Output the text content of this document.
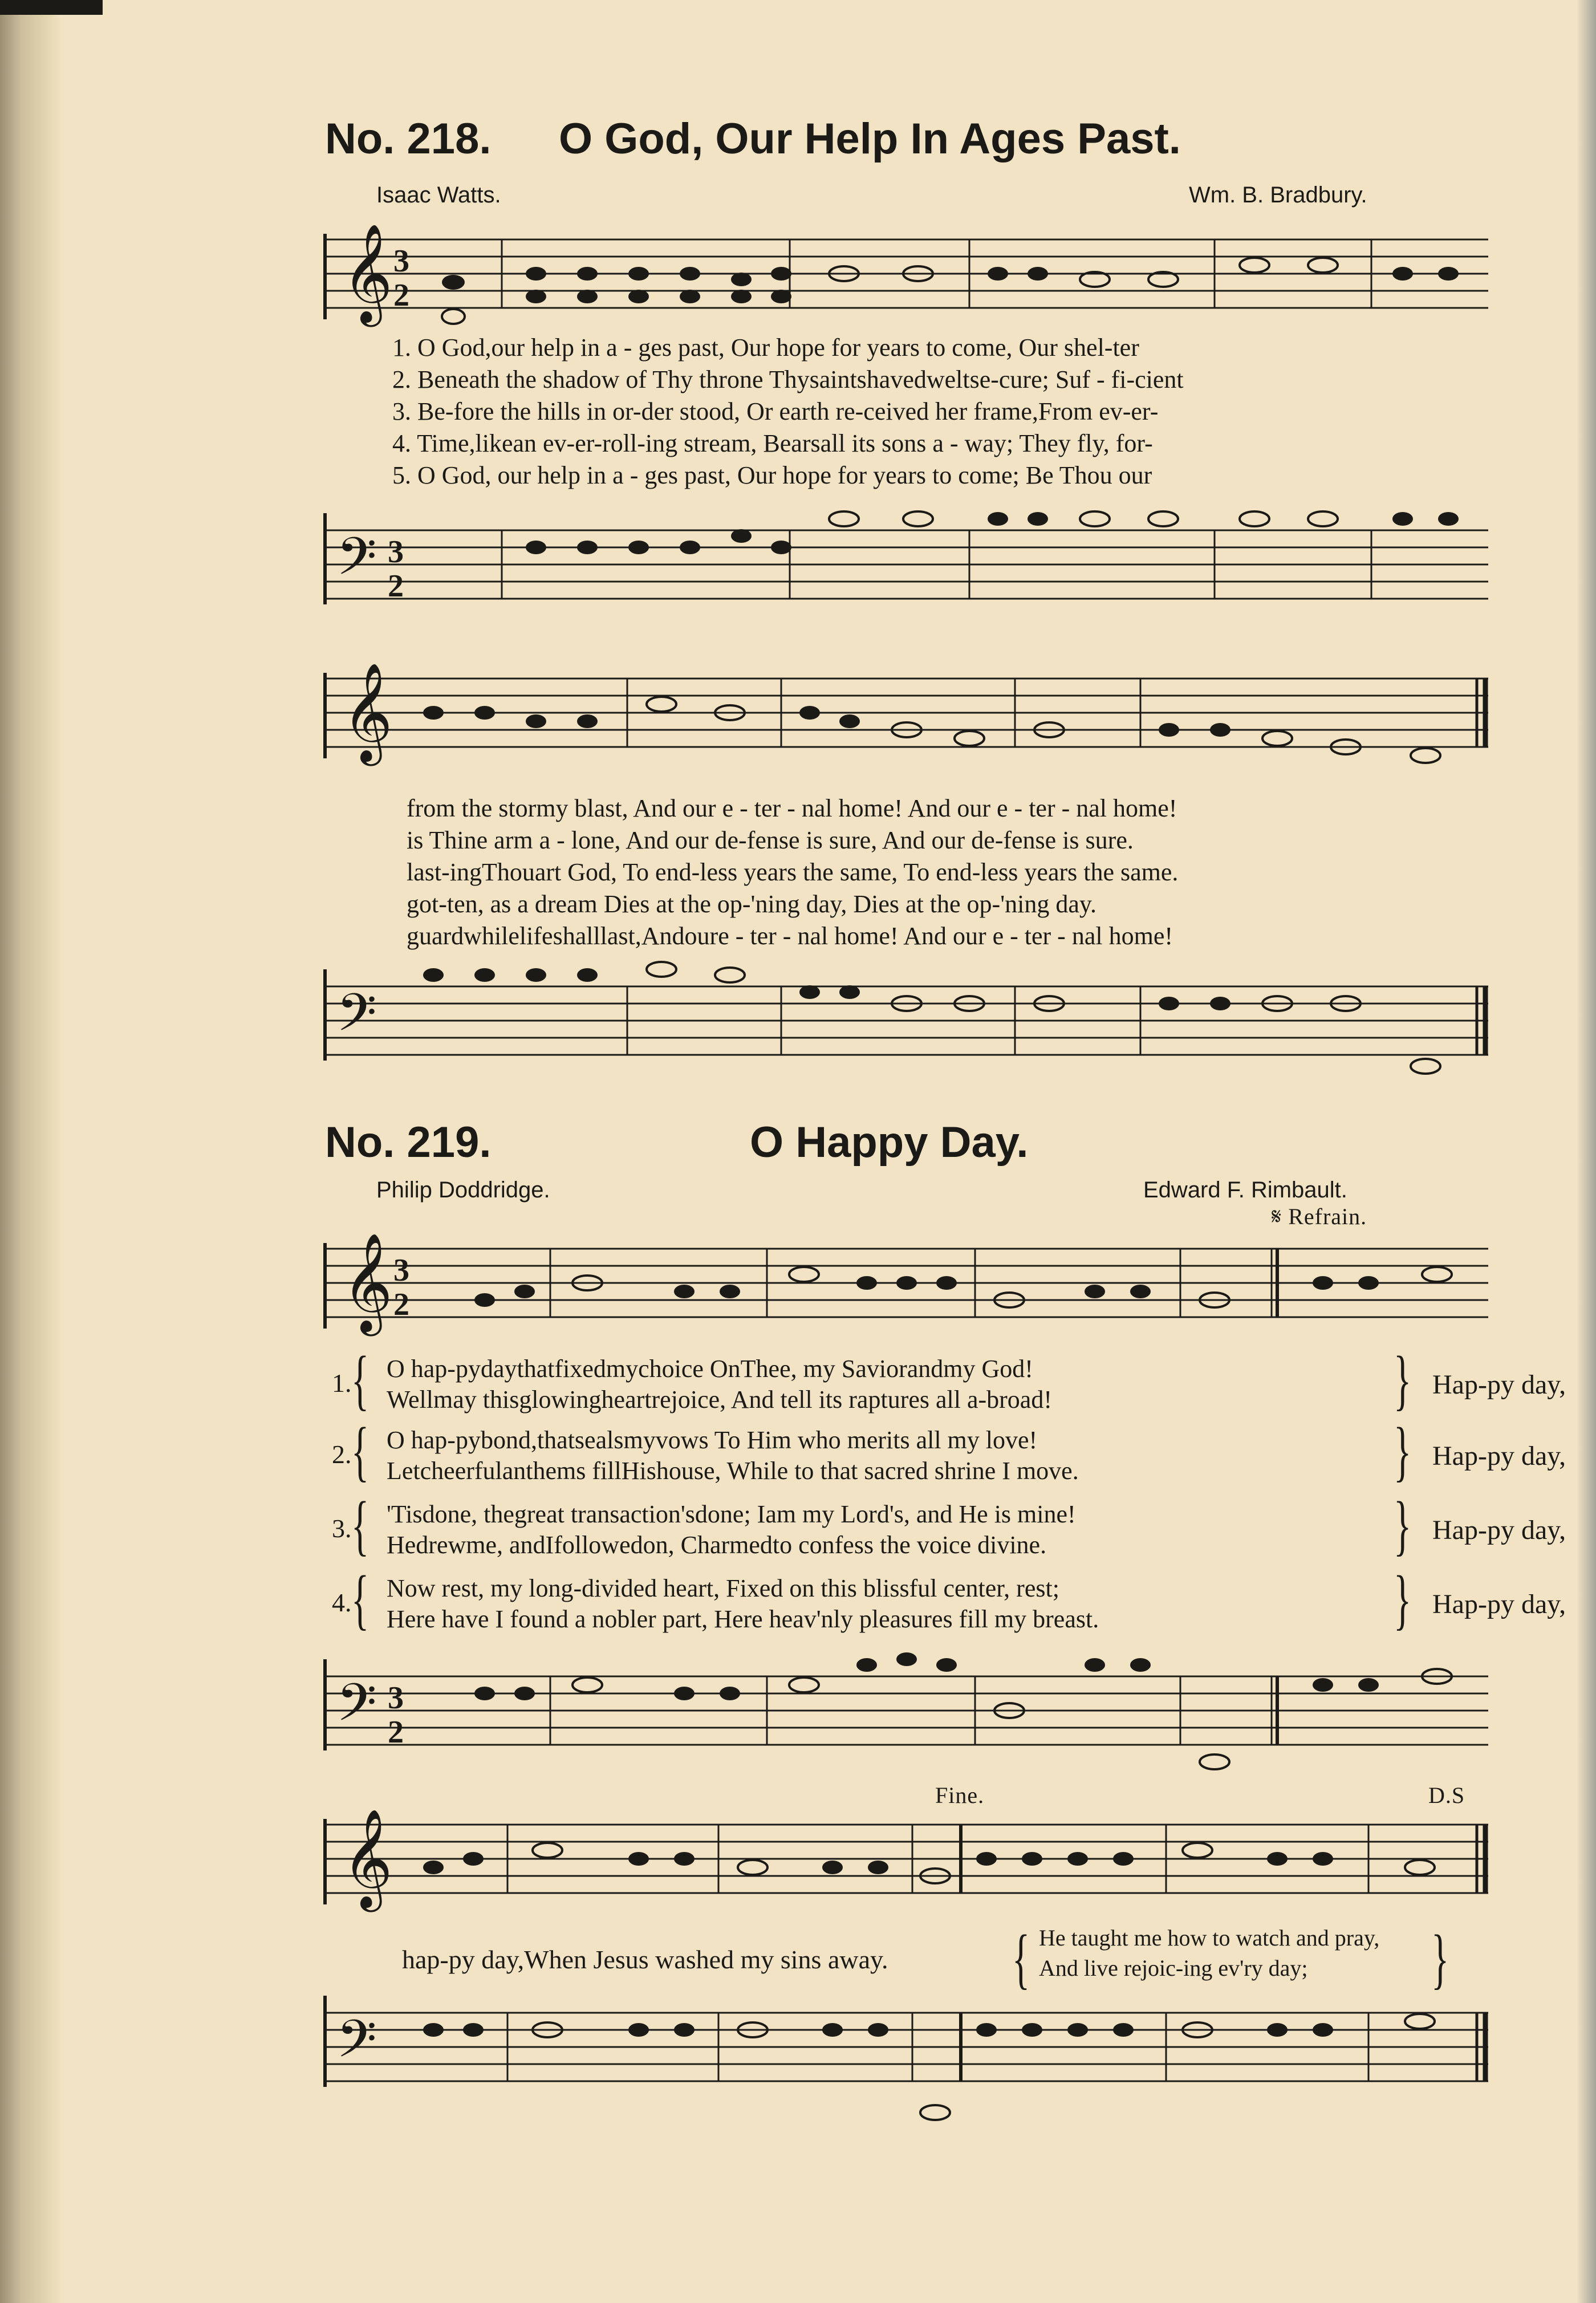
No. 218. O God, Our Help In Ages Past.
Isaac Watts.	Wm. B. Bradbury.
𝄞 3
2
1. O God,our help in a - ges past, Our hope for years to come, Our shel-ter
2. Beneath the shadow of Thy throne Thysaintshavedweltse-cure; Suf - fi-cient
3. Be-fore the hills in or-der stood, Or earth re-ceived her frame,From ev-er-
4. Time,likean ev-er-roll-ing stream, Bearsall its sons a - way; They fly, for-
5. O God, our help in a - ges past, Our hope for years to come; Be Thou our
𝄢 3
2
𝄞
from the stormy blast, And our e - ter - nal home! And our e - ter - nal home!
is Thine arm a - lone, And our de-fense is sure, And our de-fense is sure.
last-ingThouart God, To end-less years the same, To end-less years the same.
got-ten, as a dream Dies at the op-'ning day, Dies at the op-'ning day.
guardwhilelifeshalllast,Andoure - ter - nal home! And our e - ter - nal home!
𝄢
No. 219.	O Happy Day.
Philip Doddridge.	Edward F. Rimbault.
𝄋 Refrain.
𝄞 3
2
1. { O hap-pydaythatfixedmychoice OnThee, my Saviorandmy God!
Wellmay thisglowingheartrejoice, And tell its raptures all a-broad!	} Hap-py day,
2. { O hap-pybond,thatsealsmyvows To Him who merits all my love!
Letcheerfulanthems fillHishouse, While to that sacred shrine I move.	} Hap-py day,
3. { 'Tisdone, thegreat transaction'sdone; Iam my Lord's, and He is mine!
Hedrewme, andIfollowedon, Charmedto confess the voice divine.	} Hap-py day,
4. { Now rest, my long-divided heart, Fixed on this blissful center, rest;
Here have I found a nobler part, Here heav'nly pleasures fill my breast.	} Hap-py day,
𝄢 3
2
Fine.	D.S
𝄞
hap-py day,When Jesus washed my sins away. { He taught me how to watch and pray,
And live rejoic-ing ev'ry day; }
𝄢
